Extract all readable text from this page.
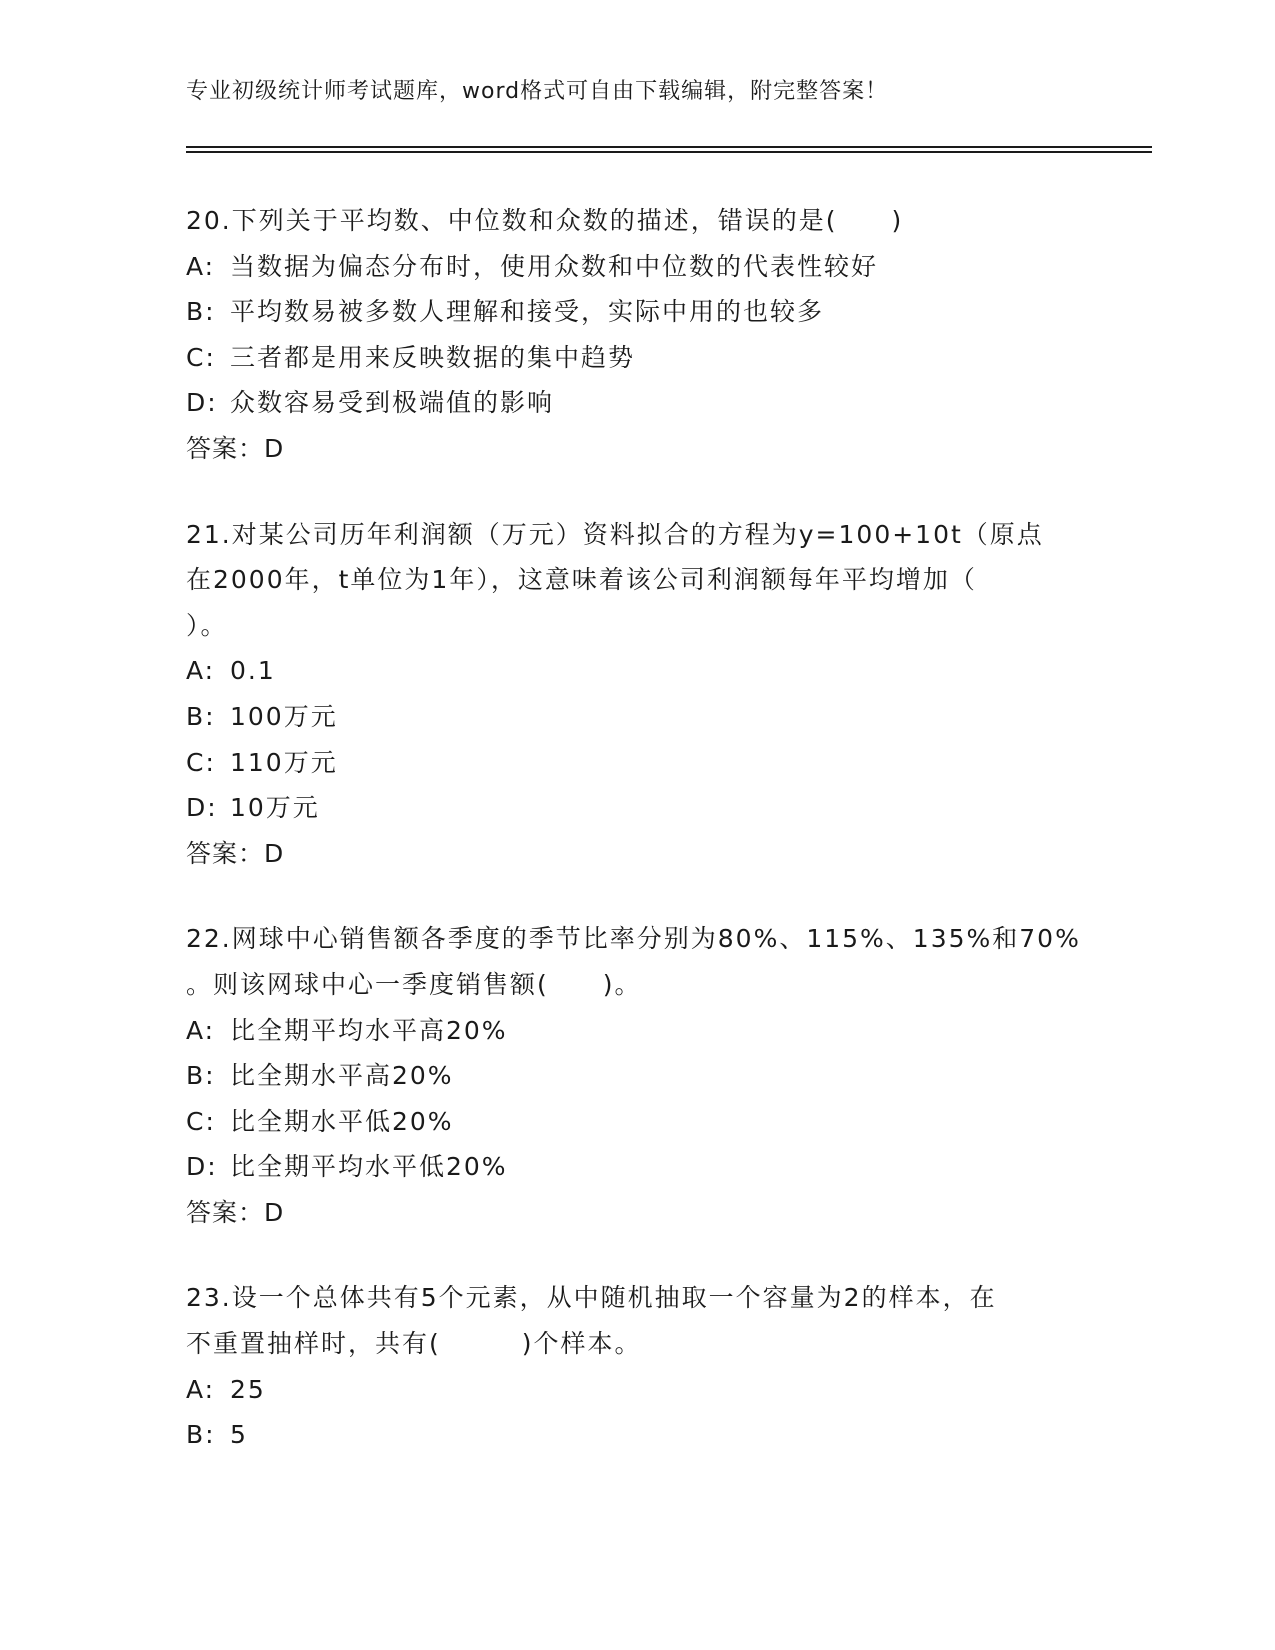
专业初级统计师考试题库，word格式可自由下载编辑，附完整答案！
20.下列关于平均数、中位数和众数的描述，错误的是(　　)
A: 当数据为偏态分布时，使用众数和中位数的代表性较好
B: 平均数易被多数人理解和接受，实际中用的也较多
C: 三者都是用来反映数据的集中趋势
D: 众数容易受到极端值的影响
答案：D
21.对某公司历年利润额（万元）资料拟合的方程为y=100+10t（原点
在2000年，t单位为1年），这意味着该公司利润额每年平均增加（
）。
A: 0.1
B: 100万元
C: 110万元
D: 10万元
答案：D
22.网球中心销售额各季度的季节比率分别为80%、115%、135%和70%
。则该网球中心一季度销售额(　　)。
A: 比全期平均水平高20%
B: 比全期水平高20%
C: 比全期水平低20%
D: 比全期平均水平低20%
答案：D
23.设一个总体共有5个元素，从中随机抽取一个容量为2的样本，在
不重置抽样时，共有(　　　)个样本。
A: 25
B: 5
